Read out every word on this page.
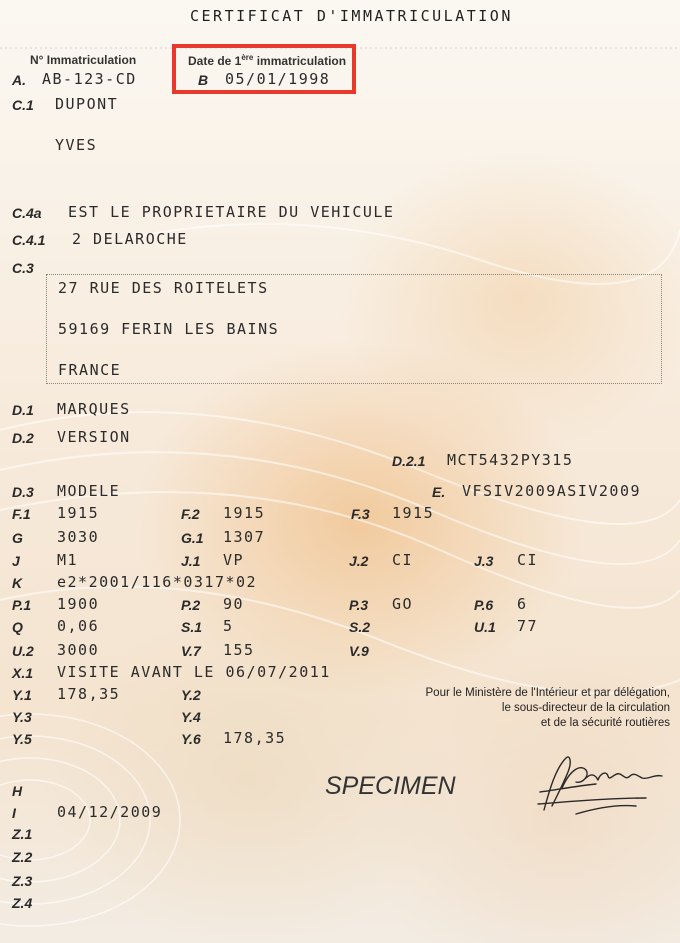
CERTIFICAT D'IMMATRICULATION
N° Immatriculation	Date de 1ère immatriculation
A. AB-123-CD	B 05/01/1998
C.1 DUPONT
YVES
C.4a EST LE PROPRIETAIRE DU VEHICULE
C.4.1 2 DELAROCHE
C.3
27 RUE DES ROITELETS
59169 FERIN LES BAINS
FRANCE
D.1 MARQUES
D.2 VERSION
D.2.1 MCT5432PY315
D.3 MODELE	E. VFSIV2009ASIV2009
F.1 1915	F.2 1915	F.3 1915
G 3030	G.1 1307
J M1	J.1 VP	J.2 CI	J.3 CI
K e2*2001/116*0317*02
P.1 1900	P.2 90	P.3 GO	P.6 6
Q 0,06	S.1 5	S.2	U.1 77
U.2 3000	V.7 155	V.9
X.1 VISITE AVANT LE 06/07/2011
Y.1 178,35	Y.2
Y.3	Y.4
Y.5	Y.6 178,35
Pour le Ministère de l'Intérieur et par délégation,
le sous-directeur de la circulation
et de la sécurité routières
SPECIMEN
H
I	04/12/2009
Z.1
Z.2
Z.3
Z.4
